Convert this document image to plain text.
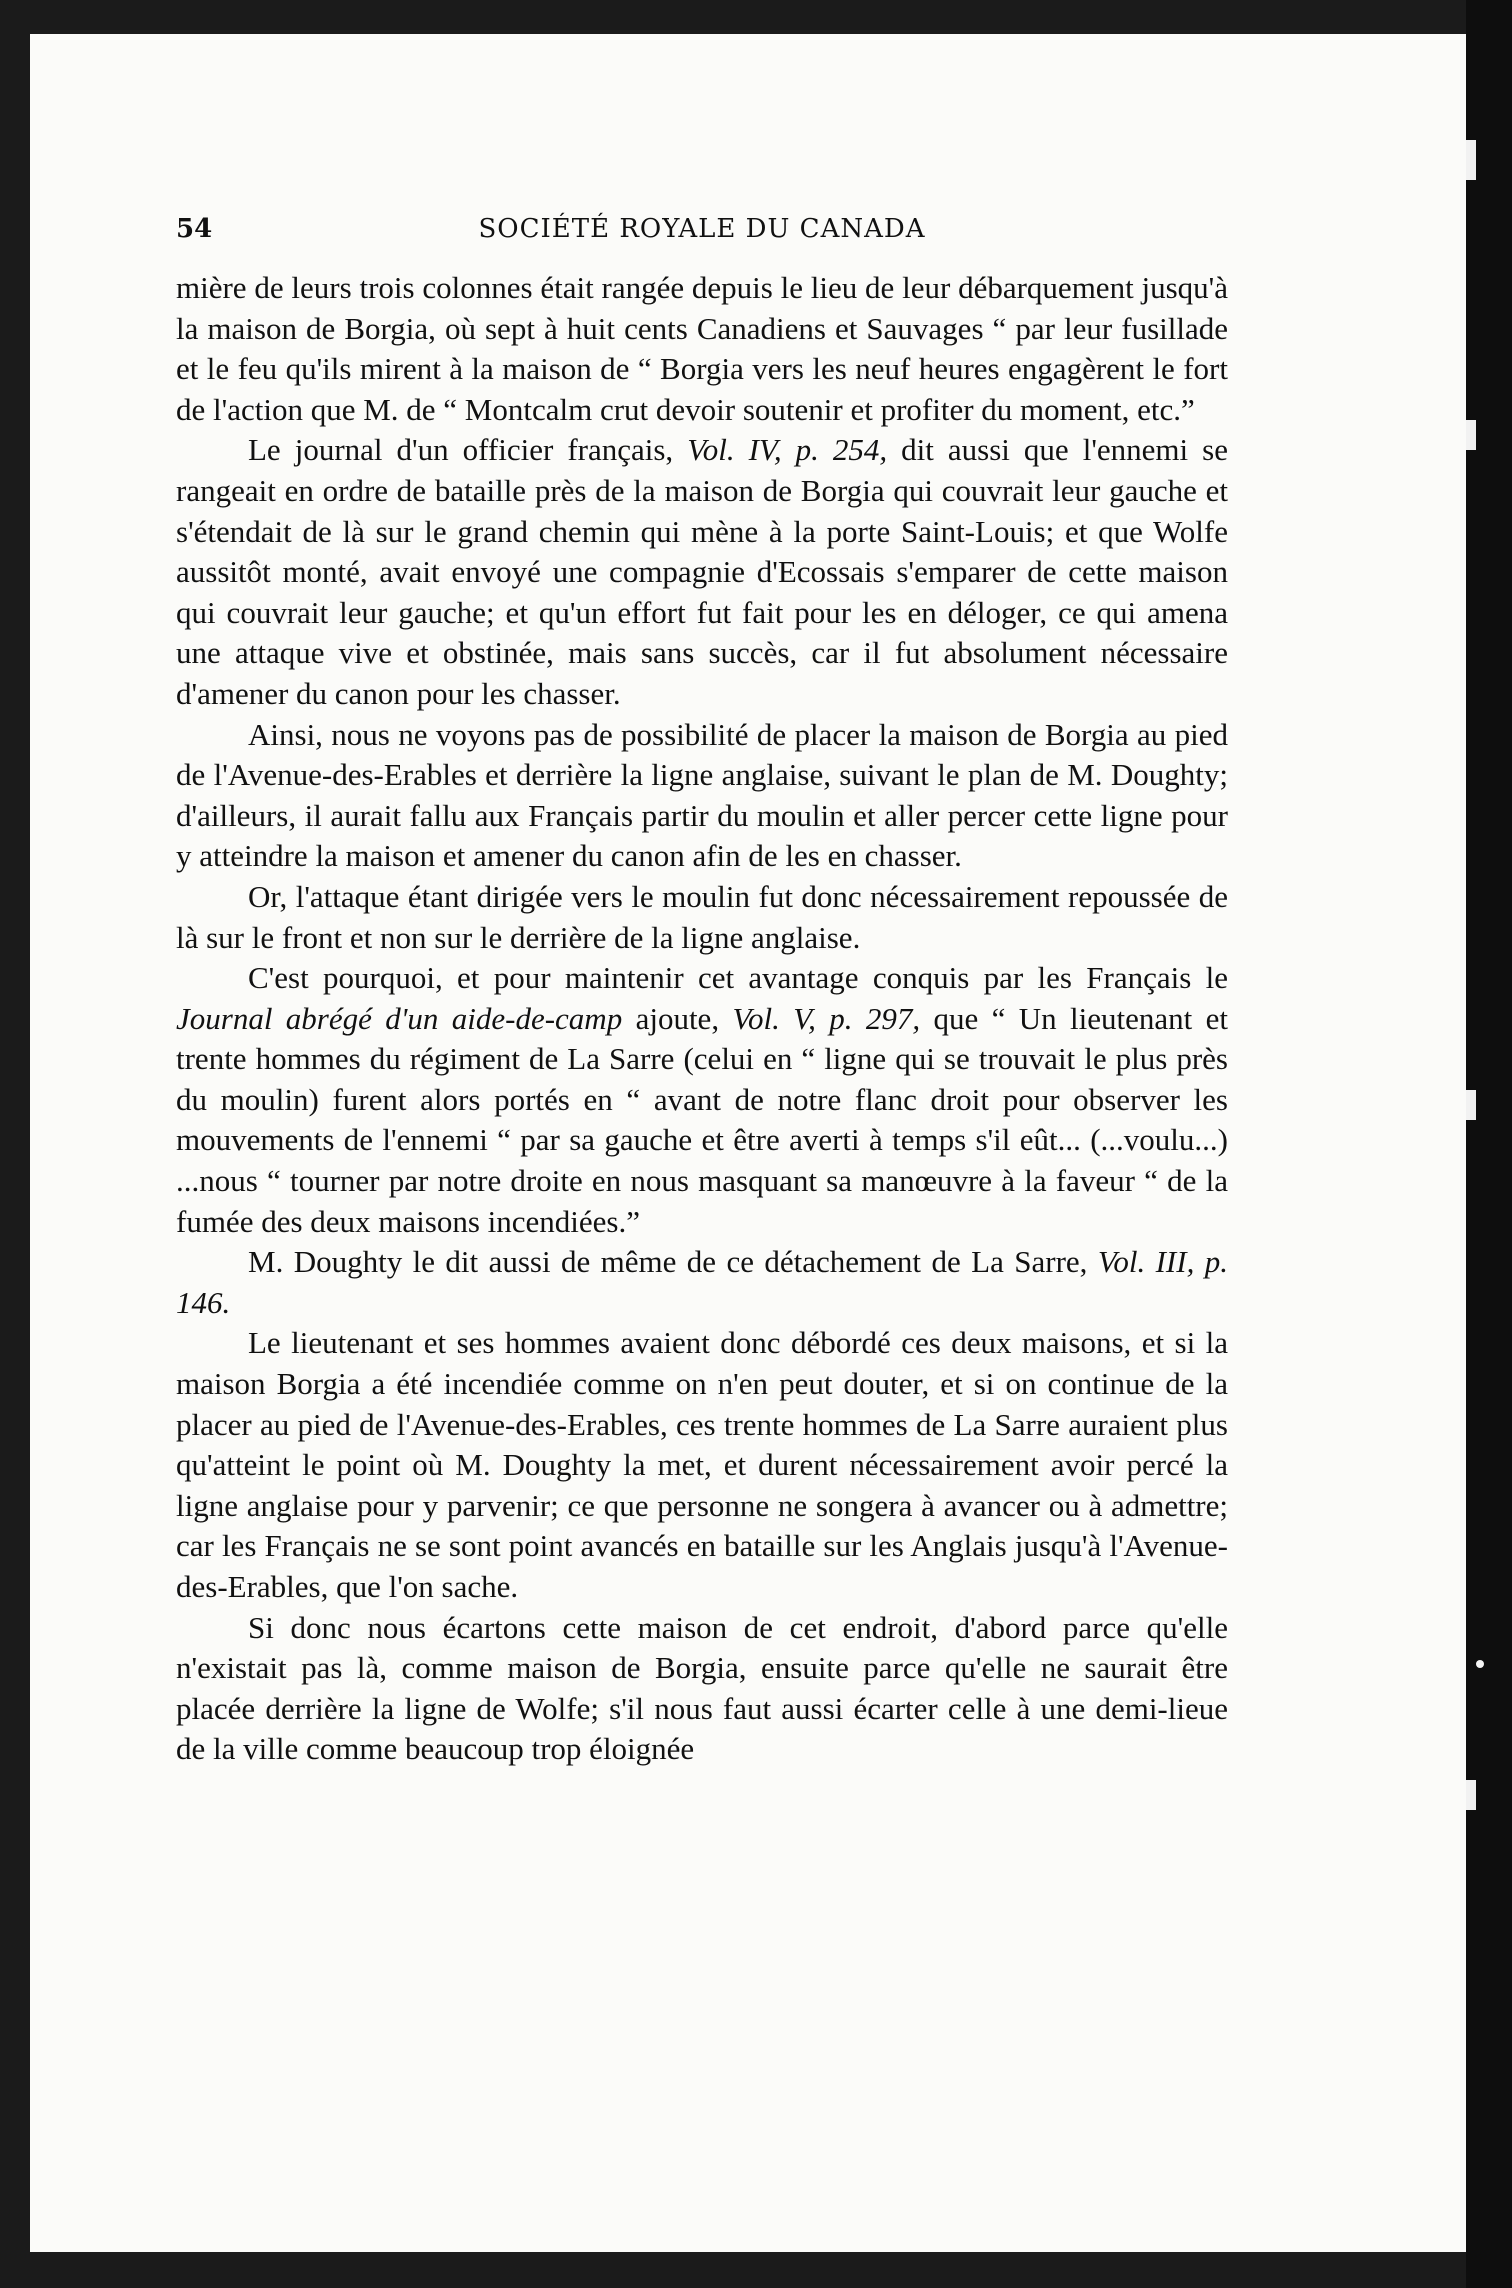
54	SOCIÉTÉ ROYALE DU CANADA

mière de leurs trois colonnes était rangée depuis le lieu de leur débarquement jusqu'à la maison de Borgia, où sept à huit cents Canadiens et Sauvages “ par leur fusillade et le feu qu'ils mirent à la maison de “ Borgia vers les neuf heures engagèrent le fort de l'action que M. de “ Montcalm crut devoir soutenir et profiter du moment, etc.”

Le journal d'un officier français, Vol. IV, p. 254, dit aussi que l'ennemi se rangeait en ordre de bataille près de la maison de Borgia qui couvrait leur gauche et s'étendait de là sur le grand chemin qui mène à la porte Saint-Louis; et que Wolfe aussitôt monté, avait envoyé une compagnie d'Ecossais s'emparer de cette maison qui couvrait leur gauche; et qu'un effort fut fait pour les en déloger, ce qui amena une attaque vive et obstinée, mais sans succès, car il fut absolument nécessaire d'amener du canon pour les chasser.

Ainsi, nous ne voyons pas de possibilité de placer la maison de Borgia au pied de l'Avenue-des-Erables et derrière la ligne anglaise, suivant le plan de M. Doughty; d'ailleurs, il aurait fallu aux Français partir du moulin et aller percer cette ligne pour y atteindre la maison et amener du canon afin de les en chasser.

Or, l'attaque étant dirigée vers le moulin fut donc nécessairement repoussée de là sur le front et non sur le derrière de la ligne anglaise.

C'est pourquoi, et pour maintenir cet avantage conquis par les Français le Journal abrégé d'un aide-de-camp ajoute, Vol. V, p. 297, que “ Un lieutenant et trente hommes du régiment de La Sarre (celui en “ ligne qui se trouvait le plus près du moulin) furent alors portés en “ avant de notre flanc droit pour observer les mouvements de l'ennemi “ par sa gauche et être averti à temps s'il eût... (...voulu...) ...nous “ tourner par notre droite en nous masquant sa manœuvre à la faveur “ de la fumée des deux maisons incendiées.”

M. Doughty le dit aussi de même de ce détachement de La Sarre, Vol. III, p. 146.

Le lieutenant et ses hommes avaient donc débordé ces deux maisons, et si la maison Borgia a été incendiée comme on n'en peut douter, et si on continue de la placer au pied de l'Avenue-des-Erables, ces trente hommes de La Sarre auraient plus qu'atteint le point où M. Doughty la met, et durent nécessairement avoir percé la ligne anglaise pour y parvenir; ce que personne ne songera à avancer ou à admettre; car les Français ne se sont point avancés en bataille sur les Anglais jusqu'à l'Avenue-des-Erables, que l'on sache.

Si donc nous écartons cette maison de cet endroit, d'abord parce qu'elle n'existait pas là, comme maison de Borgia, ensuite parce qu'elle ne saurait être placée derrière la ligne de Wolfe; s'il nous faut aussi écarter celle à une demi-lieue de la ville comme beaucoup trop éloignée
